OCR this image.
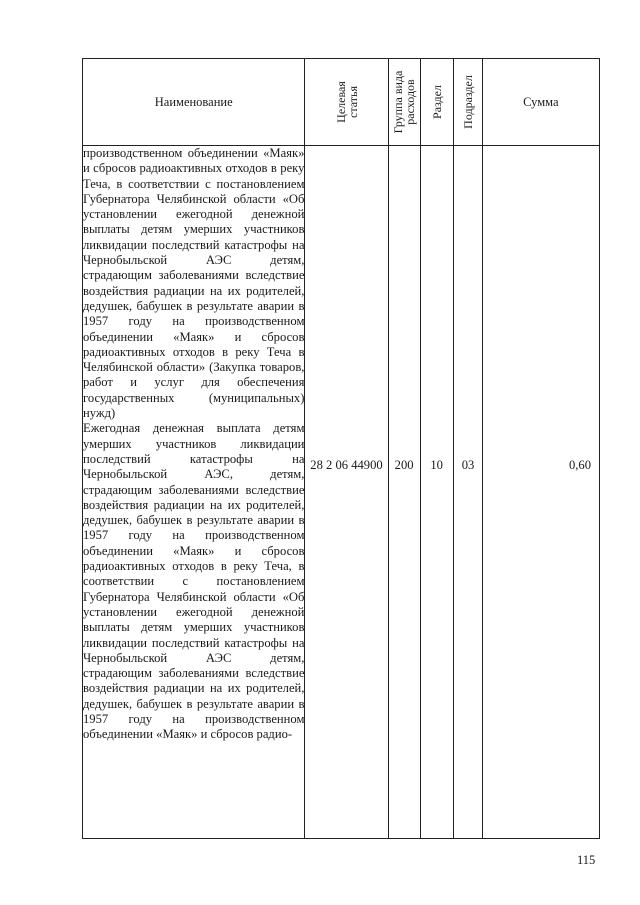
Наименование	Целевая статья	Группа вида расходов	Раздел	Подраздел	Сумма

производственном объединении «Маяк» и сбросов радиоактивных отходов в реку Теча, в соответствии с постановлением Губернатора Челябинской области «Об установлении ежегодной денежной выплаты детям умерших участников ликвидации последствий катастрофы на Чернобыльской АЭС детям, страдающим заболеваниями вследствие воздействия радиации на их родителей, дедушек, бабушек в результате аварии в 1957 году на производственном объединении «Маяк» и сбросов радиоактивных отходов в реку Теча в Челябинской области» (Закупка товаров, работ и услуг для обеспечения государственных (муниципальных) нужд)

Ежегодная денежная выплата детям умерших участников ликвидации последствий катастрофы на Чернобыльской АЭС, детям, страдающим заболеваниями вследствие воздействия радиации на их родителей, дедушек, бабушек в результате аварии в 1957 году на производственном объединении «Маяк» и сбросов радиоактивных отходов в реку Теча, в соответствии с постановлением Губернатора Челябинской области «Об установлении ежегодной денежной выплаты детям умерших участников ликвидации последствий катастрофы на Чернобыльской АЭС детям, страдающим заболеваниями вследствие воздействия радиации на их родителей, дедушек, бабушек в результате аварии в 1957 году на производственном объединении «Маяк» и сбросов радио-	28 2 06 44900	200	10	03	0,60
115
